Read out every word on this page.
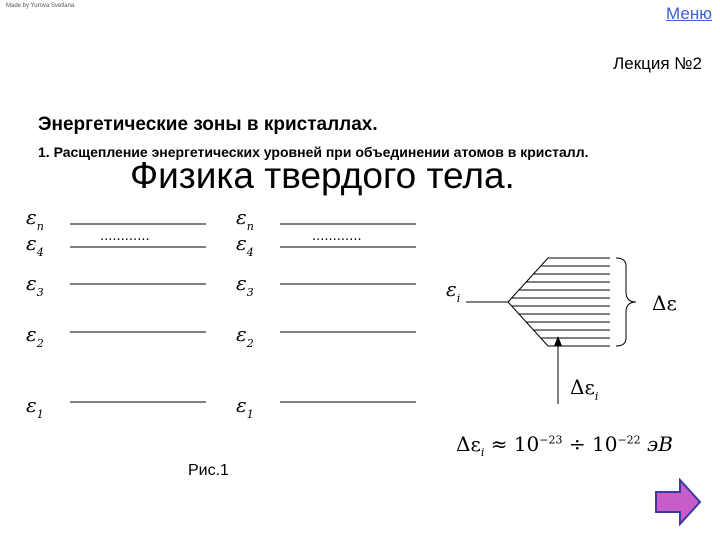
Made by Yurova Svetlana	Меню
Лекция №2
Энергетические зоны в кристаллах.
1. Расщепление энергетических уровней при объединении атомов в кристалл.
Физика твердого тела.
$\varepsilon_n$
$\varepsilon_4$
$\varepsilon_3$
$\varepsilon_2$
$\varepsilon_1$
$\varepsilon_n$
$\varepsilon_4$
$\varepsilon_3$
$\varepsilon_2$
$\varepsilon_1$
............	............
$\varepsilon_i$	Δε
$\Delta\varepsilon_i$
$\Delta\varepsilon_i \approx 10^{-23} \div 10^{-22}$ эВ
Рис.1
